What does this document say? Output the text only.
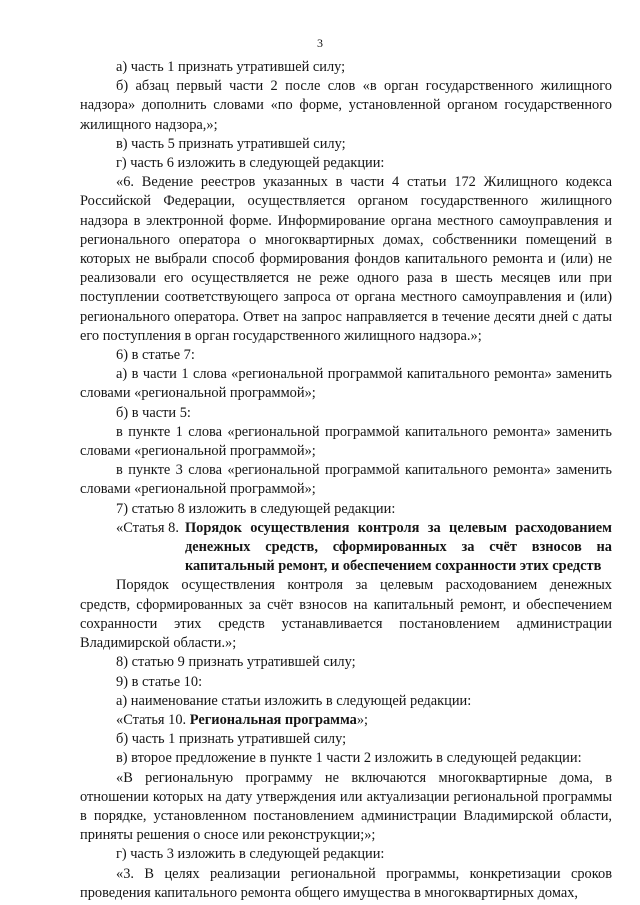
3

а) часть 1 признать утратившей силу;

б) абзац первый части 2 после слов «в орган государственного жилищного надзора» дополнить словами «по форме, установленной органом государственного жилищного надзора,»;

в) часть 5 признать утратившей силу;

г) часть 6 изложить в следующей редакции:

«6. Ведение реестров указанных в части 4 статьи 172 Жилищного кодекса Российской Федерации, осуществляется органом государственного жилищного надзора в электронной форме. Информирование органа местного самоуправления и регионального оператора о многоквартирных домах, собственники помещений в которых не выбрали способ формирования фондов капитального ремонта и (или) не реализовали его осуществляется не реже одного раза в шесть месяцев или при поступлении соответствующего запроса от органа местного самоуправления и (или) регионального оператора. Ответ на запрос направляется в течение десяти дней с даты его поступления в орган государственного жилищного надзора.»;

6) в статье 7:

а) в части 1 слова «региональной программой капитального ремонта» заменить словами «региональной программой»;

б) в части 5:

в пункте 1 слова «региональной программой капитального ремонта» заменить словами «региональной программой»;

в пункте 3 слова «региональной программой капитального ремонта» заменить словами «региональной программой»;

7) статью 8 изложить в следующей редакции:

«Статья 8. Порядок осуществления контроля за целевым расходованием денежных средств, сформированных за счёт взносов на капитальный ремонт, и обеспечением сохранности этих средств

Порядок осуществления контроля за целевым расходованием денежных средств, сформированных за счёт взносов на капитальный ремонт, и обеспечением сохранности этих средств устанавливается постановлением администрации Владимирской области.»;

8) статью 9 признать утратившей силу;

9) в статье 10:

а) наименование статьи изложить в следующей редакции:

«Статья 10. Региональная программа»;

б) часть 1 признать утратившей силу;

в) второе предложение в пункте 1 части 2 изложить в следующей редакции:

«В региональную программу не включаются многоквартирные дома, в отношении которых на дату утверждения или актуализации региональной программы в порядке, установленном постановлением администрации Владимирской области, приняты решения о сносе или реконструкции;»;

г) часть 3 изложить в следующей редакции:

«3. В целях реализации региональной программы, конкретизации сроков проведения капитального ремонта общего имущества в многоквартирных домах,
